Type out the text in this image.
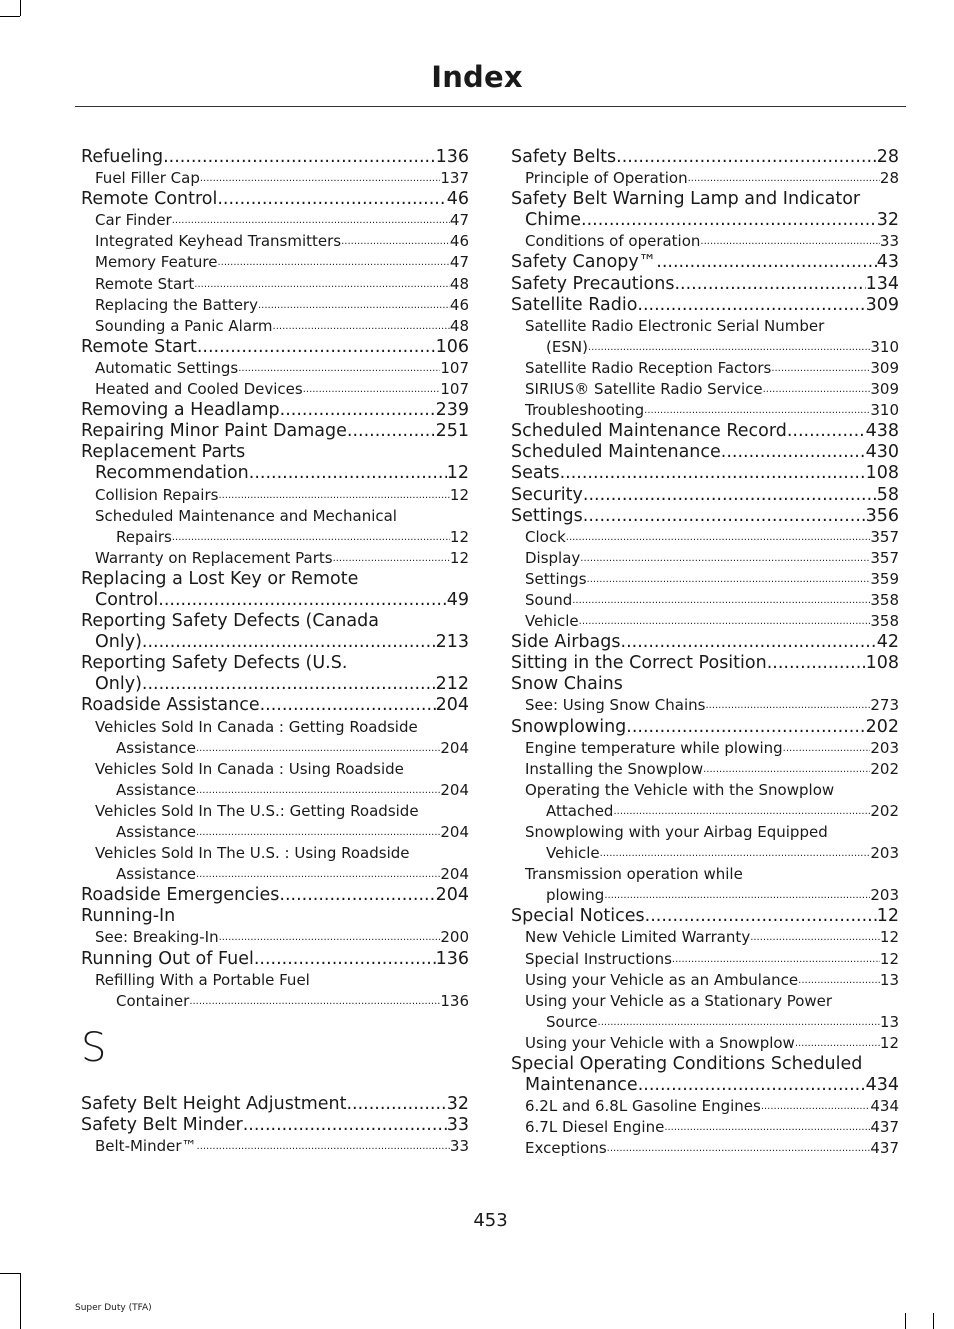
Index
Refueling .....	136
Fuel Filler Cap .....	137
Remote Control .....	46
Car Finder .....	47
Integrated Keyhead Transmitters .....	46
Memory Feature .....	47
Remote Start .....	48
Replacing the Battery .....	46
Sounding a Panic Alarm .....	48
Remote Start .....	106
Automatic Settings .....	107
Heated and Cooled Devices .....	107
Removing a Headlamp .....	239
Repairing Minor Paint Damage .....	251
Replacement Parts
Recommendation .....	12
Collision Repairs .....	12
Scheduled Maintenance and Mechanical
Repairs .....	12
Warranty on Replacement Parts .....	12
Replacing a Lost Key or Remote
Control .....	49
Reporting Safety Defects (Canada
Only) .....	213
Reporting Safety Defects (U.S.
Only) .....	212
Roadside Assistance .....	204
Vehicles Sold In Canada : Getting Roadside
Assistance .....	204
Vehicles Sold In Canada : Using Roadside
Assistance .....	204
Vehicles Sold In The U.S.: Getting Roadside
Assistance .....	204
Vehicles Sold In The U.S. : Using Roadside
Assistance .....	204
Roadside Emergencies .....	204
Running-In
See: Breaking-In .....	200
Running Out of Fuel .....	136
Refilling With a Portable Fuel
Container .....	136
S
Safety Belt Height Adjustment .....	32
Safety Belt Minder .....	33
Belt-Minder™ .....	33
Safety Belts .....	28
Principle of Operation .....	28
Safety Belt Warning Lamp and Indicator
Chime .....	32
Conditions of operation .....	33
Safety Canopy™ .....	43
Safety Precautions .....	134
Satellite Radio .....	309
Satellite Radio Electronic Serial Number
(ESN) .....	310
Satellite Radio Reception Factors .....	309
SIRIUS® Satellite Radio Service .....	309
Troubleshooting .....	310
Scheduled Maintenance Record .....	438
Scheduled Maintenance .....	430
Seats .....	108
Security .....	58
Settings .....	356
Clock .....	357
Display .....	357
Settings .....	359
Sound .....	358
Vehicle .....	358
Side Airbags .....	42
Sitting in the Correct Position .....	108
Snow Chains
See: Using Snow Chains .....	273
Snowplowing .....	202
Engine temperature while plowing .....	203
Installing the Snowplow .....	202
Operating the Vehicle with the Snowplow
Attached .....	202
Snowplowing with your Airbag Equipped
Vehicle .....	203
Transmission operation while
plowing .....	203
Special Notices .....	12
New Vehicle Limited Warranty .....	12
Special Instructions .....	12
Using your Vehicle as an Ambulance .....	13
Using your Vehicle as a Stationary Power
Source .....	13
Using your Vehicle with a Snowplow .....	12
Special Operating Conditions Scheduled
Maintenance .....	434
6.2L and 6.8L Gasoline Engines .....	434
6.7L Diesel Engine .....	437
Exceptions .....	437
453
Super Duty (TFA)
